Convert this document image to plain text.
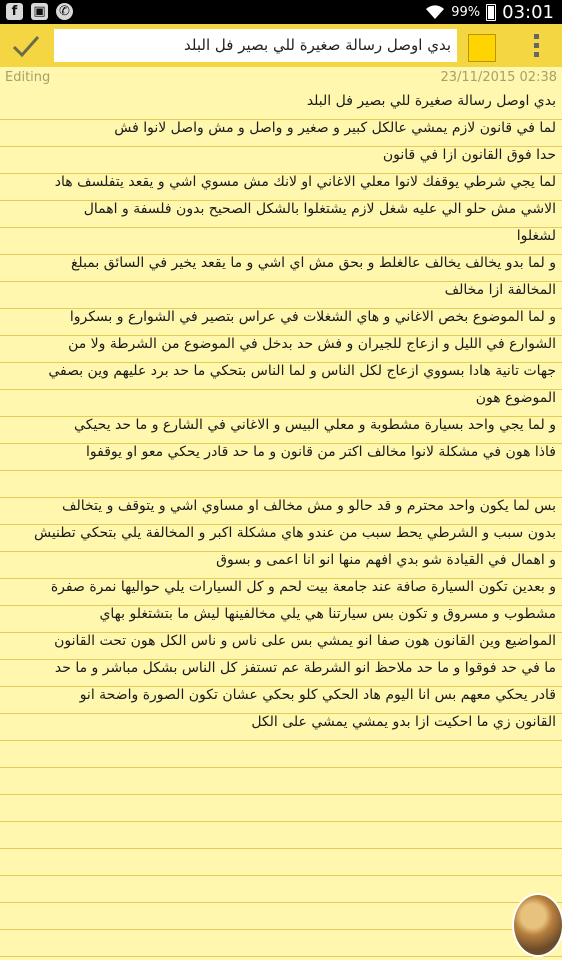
f	▣ ✆	99% 03:01
بدي اوصل رسالة صغيرة للي بصير فل البلد
Editing	23/11/2015 02:38
بدي اوصل رسالة صغيرة للي بصير فل البلد
لما في قانون لازم يمشي عالكل كبير و صغير و واصل و مش واصل لانوا فش
حدا فوق القانون ازا في قانون
لما يجي شرطي يوقفك لانوا معلي الاغاني او لانك مش مسوي اشي و يقعد يتفلسف هاد
الاشي مش حلو الي عليه شغل لازم يشتغلوا بالشكل الصحيح بدون فلسفة و اهمال
لشغلوا
و لما بدو يخالف يخالف عالغلط و بحق مش اي اشي و ما يقعد يخير في السائق بمبلغ
المخالفة ازا مخالف
و لما الموضوع بخص الاغاني و هاي الشغلات في عراس بتصير في الشوارع و بسكروا
الشوارع في الليل و ازعاج للجيران و فش حد بدخل في الموضوع من الشرطة ولا من
جهات تانية هادا بسووي ازعاج لكل الناس و لما الناس بتحكي ما حد برد عليهم وين بصفي
الموضوع هون
و لما يجي واحد بسيارة مشطوبة و معلي البيس و الاغاني في الشارع و ما حد يحيكي
فاذا هون في مشكلة لانوا مخالف اكتر من قانون و ما حد قادر يحكي معو او يوقفوا
بس لما يكون واحد محترم و قد حالو و مش مخالف او مساوي اشي و يتوقف و يتخالف
بدون سبب و الشرطي يحط سبب من عندو هاي مشكلة اكبر و المخالفة يلي بتحكي تطنيش
و اهمال في القيادة شو بدي افهم منها انو انا اعمى و بسوق
و بعدين تكون السيارة صافة عند جامعة بيت لحم و كل السيارات يلي حواليها نمرة صفرة
مشطوب و مسروق و تكون بس سيارتنا هي يلي مخالفينها ليش ما بتشتغلو بهاي
المواضيع وين القانون هون صفا انو يمشي بس على ناس و ناس الكل هون تحت القانون
ما في حد فوقوا و ما حد ملاحظ انو الشرطة عم تستفز كل الناس بشكل مباشر و ما حد
قادر يحكي معهم بس انا اليوم هاد الحكي كلو بحكي عشان تكون الصورة واضحة انو
القانون زي ما احكيت ازا بدو يمشي يمشي على الكل
